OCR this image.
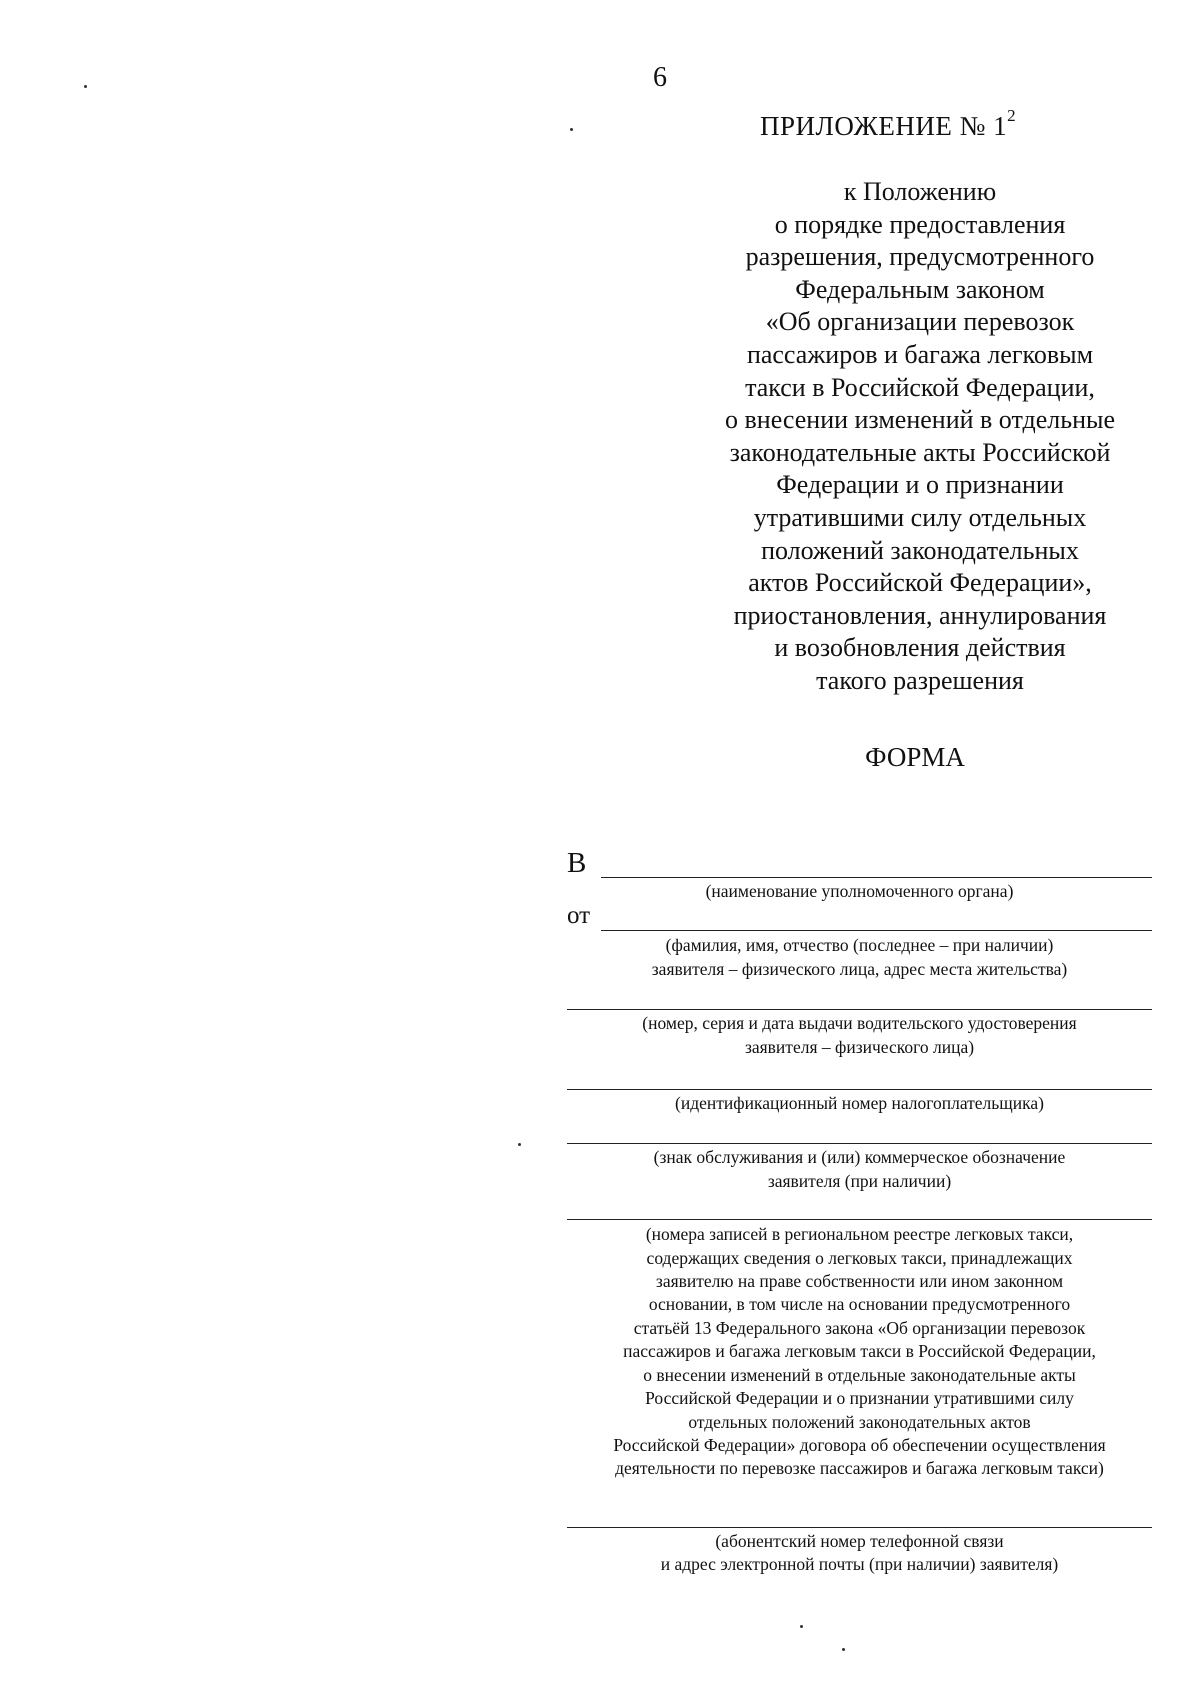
6
ПРИЛОЖЕНИЕ № $1^2$
к Положению
о порядке предоставления
разрешения, предусмотренного
Федеральным законом
«Об организации перевозок
пассажиров и багажа легковым
такси в Российской Федерации,
о внесении изменений в отдельные
законодательные акты Российской
Федерации и о признании
утратившими силу отдельных
положений законодательных
актов Российской Федерации»,
приостановления, аннулирования
и возобновления действия
такого разрешения
ФОРМА
В
(наименование уполномоченного органа)
от
(фамилия, имя, отчество (последнее – при наличии)
заявителя – физического лица, адрес места жительства)
(номер, серия и дата выдачи водительского удостоверения
заявителя – физического лица)
(идентификационный номер налогоплательщика)
(знак обслуживания и (или) коммерческое обозначение
заявителя (при наличии)
(номера записей в региональном реестре легковых такси,
содержащих сведения о легковых такси, принадлежащих
заявителю на праве собственности или ином законном
основании, в том числе на основании предусмотренного
статьёй 13 Федерального закона «Об организации перевозок
пассажиров и багажа легковым такси в Российской Федерации,
о внесении изменений в отдельные законодательные акты
Российской Федерации и о признании утратившими силу
отдельных положений законодательных актов
Российской Федерации» договора об обеспечении осуществления
деятельности по перевозке пассажиров и багажа легковым такси)
(абонентский номер телефонной связи
и адрес электронной почты (при наличии) заявителя)
